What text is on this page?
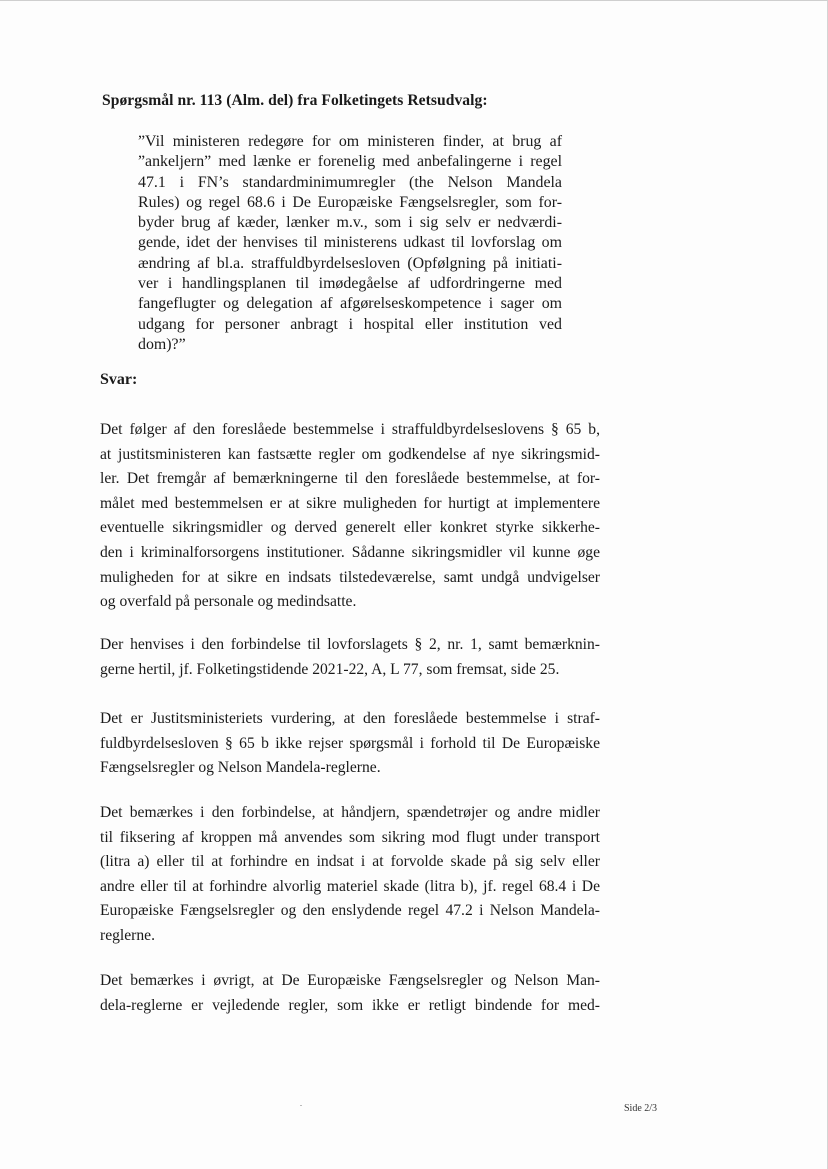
Spørgsmål nr. 113 (Alm. del) fra Folketingets Retsudvalg:
”Vil ministeren redegøre for om ministeren finder, at brug af
”ankeljern” med lænke er forenelig med anbefalingerne i regel
47.1 i FN’s standardminimumregler (the Nelson Mandela
Rules) og regel 68.6 i De Europæiske Fængselsregler, som for-
byder brug af kæder, lænker m.v., som i sig selv er nedværdi-
gende, idet der henvises til ministerens udkast til lovforslag om
ændring af bl.a. straffuldbyrdelsesloven (Opfølgning på initiati-
ver i handlingsplanen til imødegåelse af udfordringerne med
fangeflugter og delegation af afgørelseskompetence i sager om
udgang for personer anbragt i hospital eller institution ved
dom)?”
Svar:
Det følger af den foreslåede bestemmelse i straffuldbyrdelseslovens § 65 b,
at justitsministeren kan fastsætte regler om godkendelse af nye sikringsmid-
ler. Det fremgår af bemærkningerne til den foreslåede bestemmelse, at for-
målet med bestemmelsen er at sikre muligheden for hurtigt at implementere
eventuelle sikringsmidler og derved generelt eller konkret styrke sikkerhe-
den i kriminalforsorgens institutioner. Sådanne sikringsmidler vil kunne øge
muligheden for at sikre en indsats tilstedeværelse, samt undgå undvigelser
og overfald på personale og medindsatte.
Der henvises i den forbindelse til lovforslagets § 2, nr. 1, samt bemærknin-
gerne hertil, jf. Folketingstidende 2021-22, A, L 77, som fremsat, side 25.
Det er Justitsministeriets vurdering, at den foreslåede bestemmelse i straf-
fuldbyrdelsesloven § 65 b ikke rejser spørgsmål i forhold til De Europæiske
Fængselsregler og Nelson Mandela-reglerne.
Det bemærkes i den forbindelse, at håndjern, spændetrøjer og andre midler
til fiksering af kroppen må anvendes som sikring mod flugt under transport
(litra a) eller til at forhindre en indsat i at forvolde skade på sig selv eller
andre eller til at forhindre alvorlig materiel skade (litra b), jf. regel 68.4 i De
Europæiske Fængselsregler og den enslydende regel 47.2 i Nelson Mandela-
reglerne.
Det bemærkes i øvrigt, at De Europæiske Fængselsregler og Nelson Man-
dela-reglerne er vejledende regler, som ikke er retligt bindende for med-
Side 2/3
